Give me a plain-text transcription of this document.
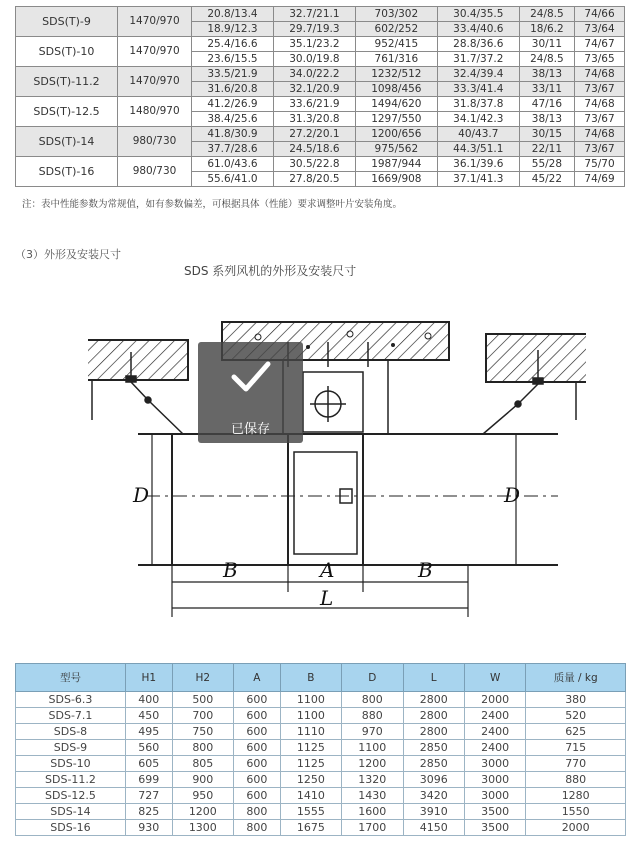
SDS(T)-9	1470/970	20.8/13.4	32.7/21.1	703/302	30.4/35.5	24/8.5	74/66
		18.9/12.3	29.7/19.3	602/252	33.4/40.6	18/6.2	73/64
SDS(T)-10	1470/970	25.4/16.6	35.1/23.2	952/415	28.8/36.6	30/11	74/67
		23.6/15.5	30.0/19.8	761/316	31.7/37.2	24/8.5	73/65
SDS(T)-11.2	1470/970	33.5/21.9	34.0/22.2	1232/512	32.4/39.4	38/13	74/68
		31.6/20.8	32.1/20.9	1098/456	33.3/41.4	33/11	73/67
SDS(T)-12.5	1480/970	41.2/26.9	33.6/21.9	1494/620	31.8/37.8	47/16	74/68
		38.4/25.6	31.3/20.8	1297/550	34.1/42.3	38/13	73/67
SDS(T)-14	980/730	41.8/30.9	27.2/20.1	1200/656	40/43.7	30/15	74/68
		37.7/28.6	24.5/18.6	975/562	44.3/51.1	22/11	73/67
SDS(T)-16	980/730	61.0/43.6	30.5/22.8	1987/944	36.1/39.6	55/28	75/70
		55.6/41.0	27.8/20.5	1669/908	37.1/41.3	45/22	74/69
注：表中性能参数为常规值，如有参数偏差，可根据具体（性能）要求调整叶片安装角度。
（3）外形及安装尺寸
SDS 系列风机的外形及安装尺寸
D	D
B	A	B
L
已保存
型号	H1	H2	A	B	D	L	W	质量 / kg
SDS-6.3	400	500	600	1100	800	2800	2000	380
SDS-7.1	450	700	600	1100	880	2800	2400	520
SDS-8	495	750	600	1110	970	2800	2400	625
SDS-9	560	800	600	1125	1100	2850	2400	715
SDS-10	605	805	600	1125	1200	2850	3000	770
SDS-11.2	699	900	600	1250	1320	3096	3000	880
SDS-12.5	727	950	600	1410	1430	3420	3000	1280
SDS-14	825	1200	800	1555	1600	3910	3500	1550
SDS-16	930	1300	800	1675	1700	4150	3500	2000
